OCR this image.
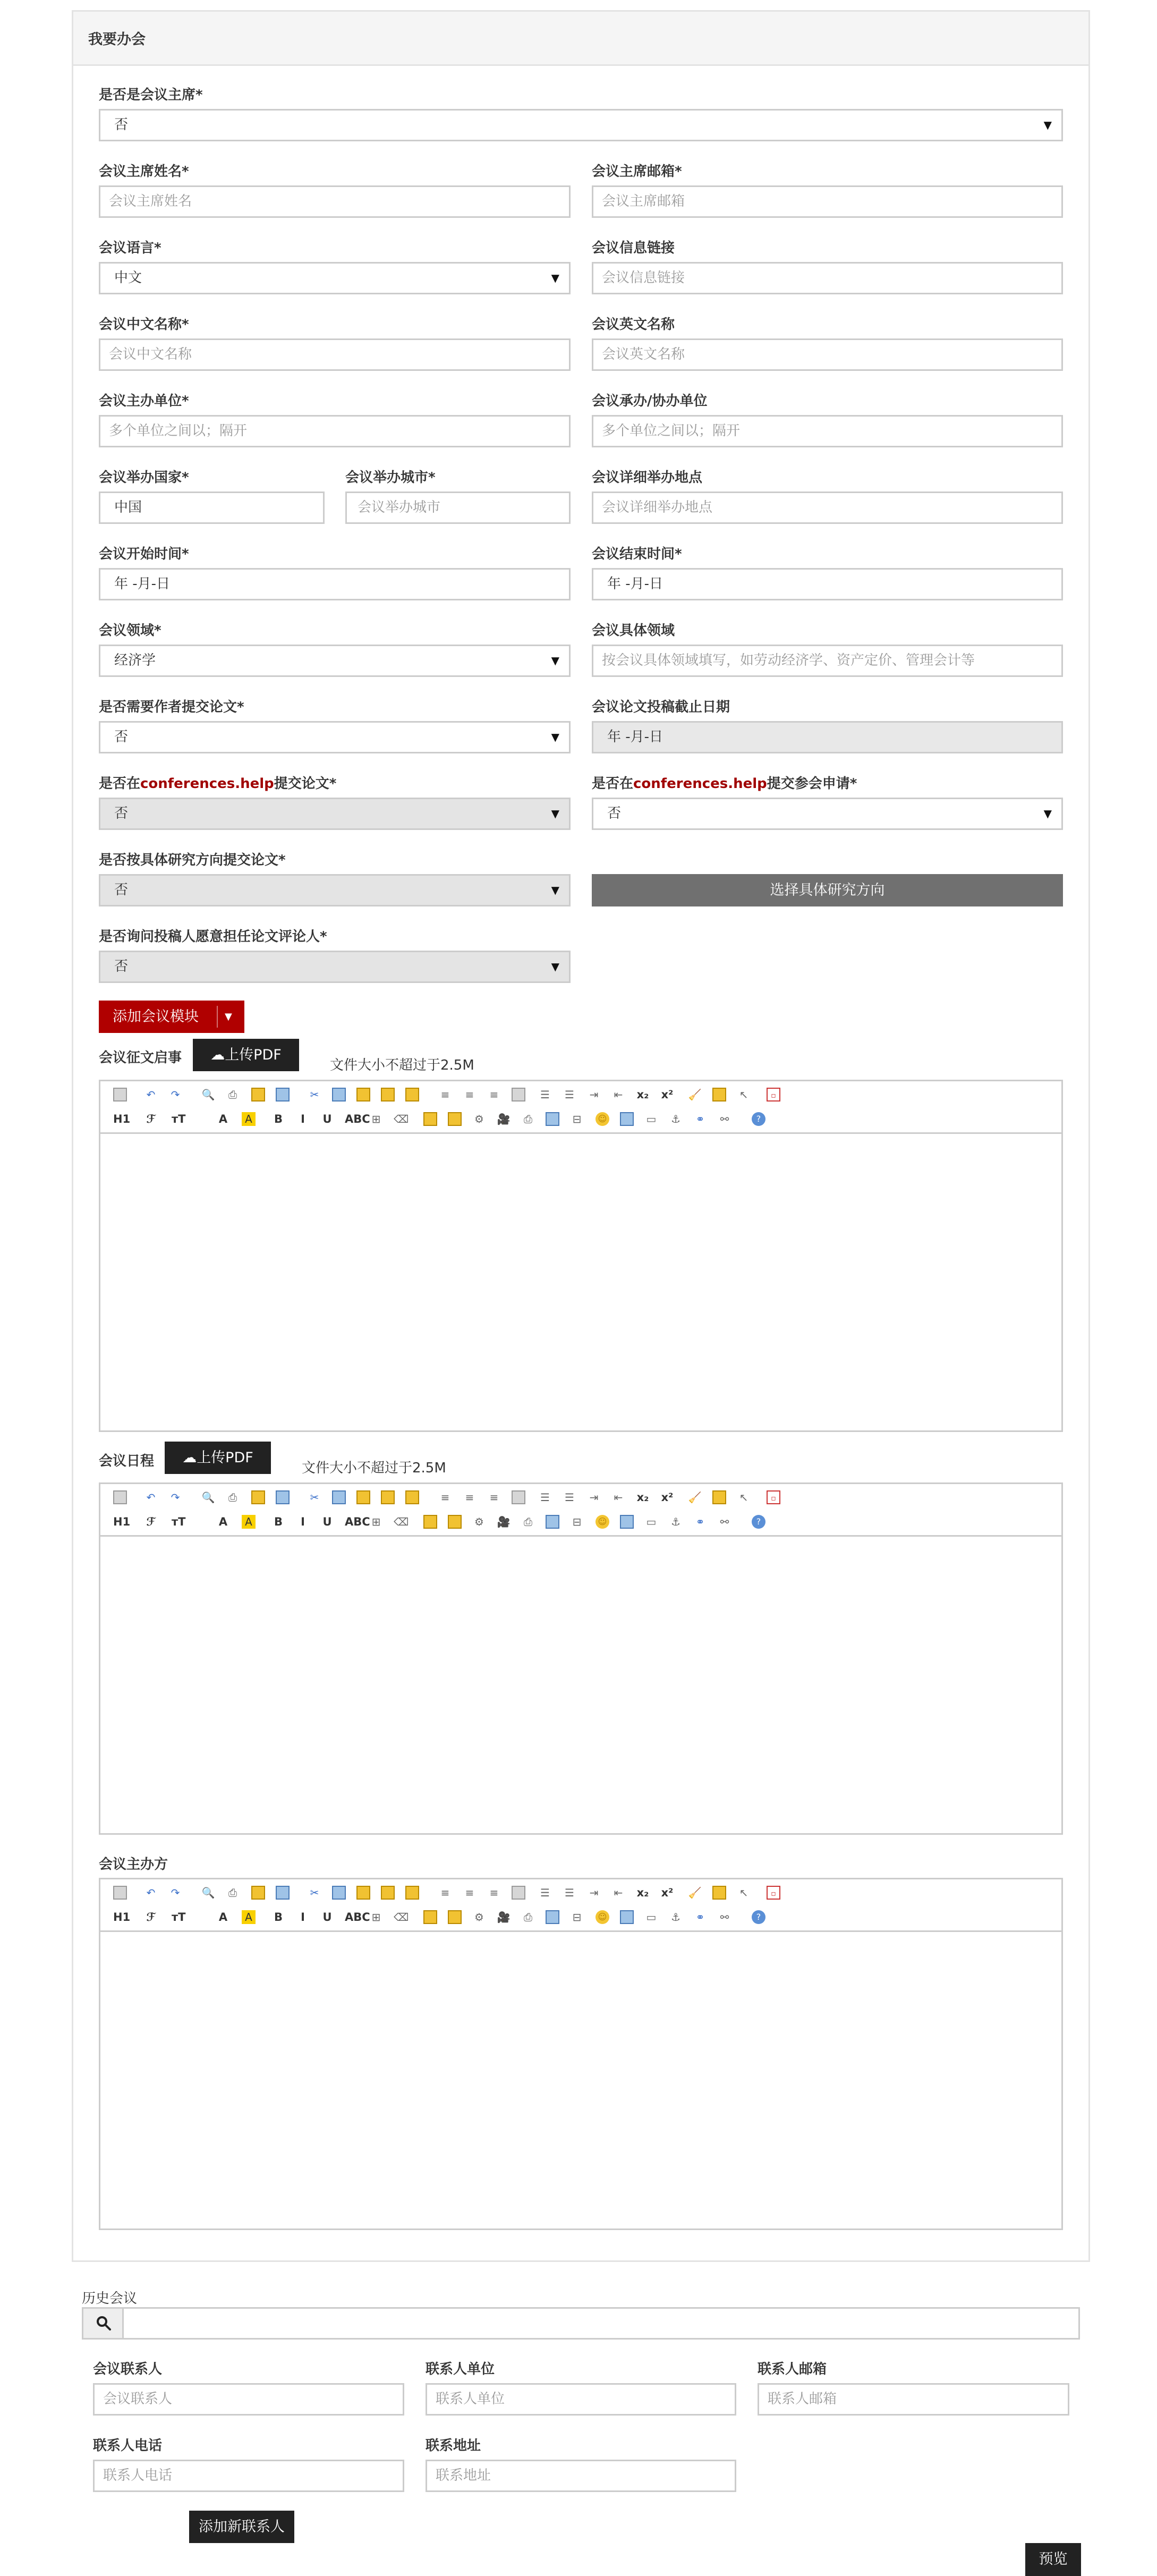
我要办会
是否是会议主席*
否	▼
会议主席姓名*
会议主席姓名
会议主席邮箱*
会议主席邮箱
会议语言*
中文	▼
会议信息链接
会议信息链接
会议中文名称*
会议中文名称
会议英文名称
会议英文名称
会议主办单位*
多个单位之间以；隔开
会议承办/协办单位
多个单位之间以；隔开
会议举办国家*
中国
会议举办城市*
会议举办城市
会议详细举办地点
会议详细举办地点
会议开始时间*
年 -月-日
会议结束时间*
年 -月-日
会议领域*
经济学	▼
会议具体领域
按会议具体领域填写，如劳动经济学、资产定价、管理会计等
是否需要作者提交论文*
否	▼
会议论文投稿截止日期
年 -月-日
是否在conferences.help提交论文*
否	▼
是否在conferences.help提交参会申请*
否	▼
是否按具体研究方向提交论文*
否	▼	选择具体研究方向
是否询问投稿人愿意担任论文评论人*
否	▼
添加会议模块	▼
会议征文启事	☁上传PDF
文件大小不超过于2.5M
↶ ↷ 🔍 ⎙	✂	≡ ≡ ≡	☰ ☰ ⇥ ⇤ x₂ x² 🧹	↖	▫
H1 ℱ тT	A	A B	I	U ABC ⊞ ⌫	⚙ 🎥 ⎙	⊟ ☺	▭ ⚓ ⚭ ⚯	?
会议日程	☁上传PDF
文件大小不超过于2.5M
↶ ↷ 🔍 ⎙	✂	≡ ≡ ≡	☰ ☰ ⇥ ⇤ x₂ x² 🧹	↖	▫
H1 ℱ тT	A	A B	I	U ABC ⊞ ⌫	⚙ 🎥 ⎙	⊟ ☺	▭ ⚓ ⚭ ⚯	?
会议主办方
↶ ↷ 🔍 ⎙	✂	≡ ≡ ≡	☰ ☰ ⇥ ⇤ x₂ x² 🧹	↖	▫
H1 ℱ тT	A	A B	I	U ABC ⊞ ⌫	⚙ 🎥 ⎙	⊟ ☺	▭ ⚓ ⚭ ⚯	?
历史会议
会议联系人
会议联系人
联系人单位
联系人单位
联系人邮箱
联系人邮箱
联系人电话
联系人电话
联系地址
联系地址
添加新联系人
预览
